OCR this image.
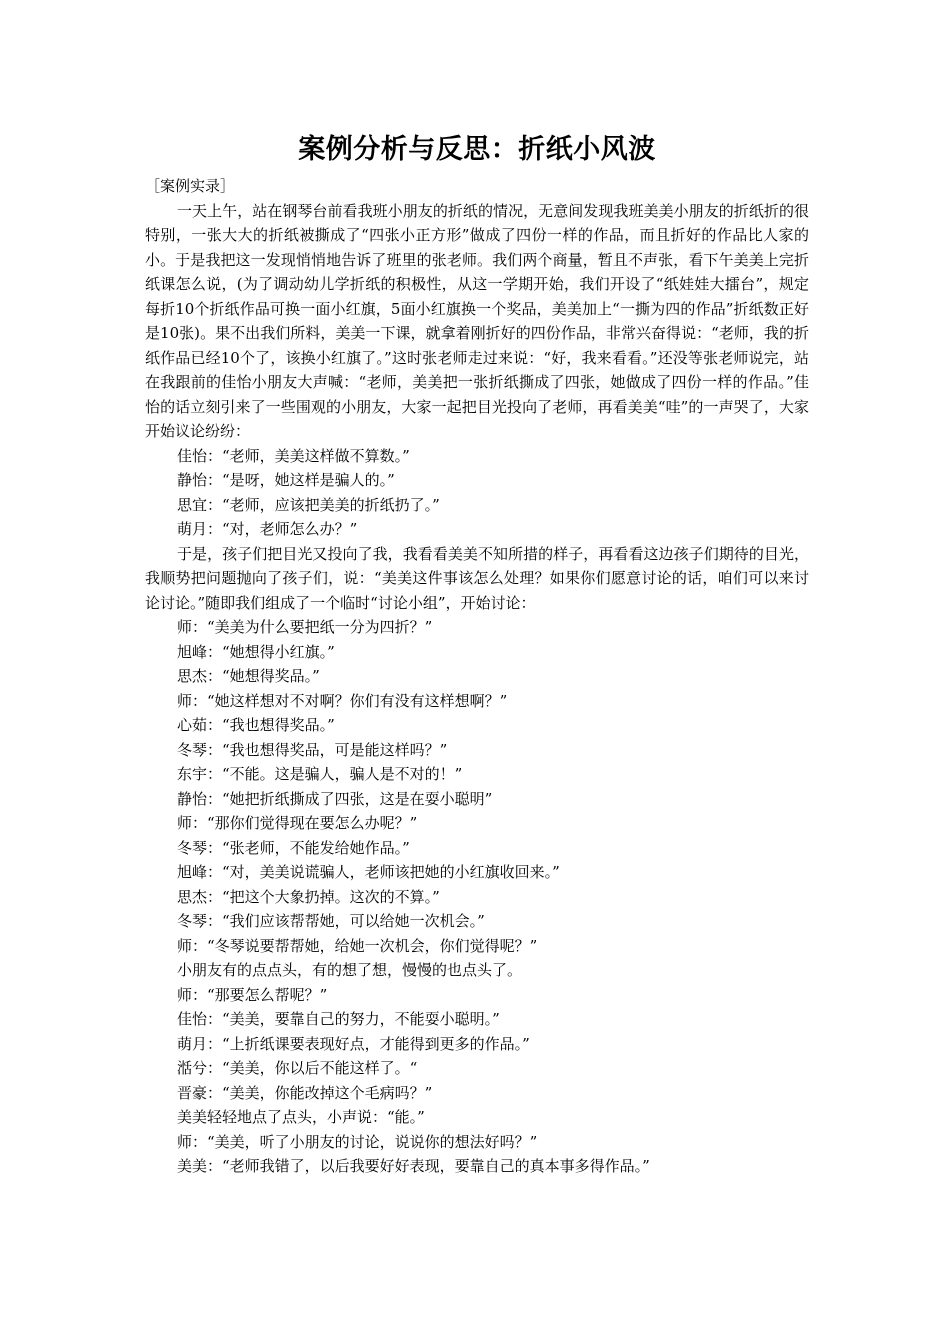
案例分析与反思：折纸小风波

［案例实录］

一天上午，站在钢琴台前看我班小朋友的折纸的情况，无意间发现我班美美小朋友的折纸折的很特别，一张大大的折纸被撕成了“四张小正方形”做成了四份一样的作品，而且折好的作品比人家的小。于是我把这一发现悄悄地告诉了班里的张老师。我们两个商量，暂且不声张，看下午美美上完折纸课怎么说，(为了调动幼儿学折纸的积极性，从这一学期开始，我们开设了“纸娃娃大擂台”，规定每折10个折纸作品可换一面小红旗，5面小红旗换一个奖品，美美加上“一撕为四的作品”折纸数正好是10张)。果不出我们所料，美美一下课，就拿着刚折好的四份作品，非常兴奋得说：“老师，我的折纸作品已经10个了，该换小红旗了。”这时张老师走过来说：“好，我来看看。”还没等张老师说完，站在我跟前的佳怡小朋友大声喊：“老师，美美把一张折纸撕成了四张，她做成了四份一样的作品。”佳怡的话立刻引来了一些围观的小朋友，大家一起把目光投向了老师，再看美美“哇”的一声哭了，大家开始议论纷纷：

佳怡：“老师，美美这样做不算数。”

静怡：“是呀，她这样是骗人的。”

思宜：“老师，应该把美美的折纸扔了。”

萌月：“对，老师怎么办？”

于是，孩子们把目光又投向了我，我看看美美不知所措的样子，再看看这边孩子们期待的目光，我顺势把问题抛向了孩子们，说：“美美这件事该怎么处理？如果你们愿意讨论的话，咱们可以来讨论讨论。”随即我们组成了一个临时“讨论小组”，开始讨论：

师：“美美为什么要把纸一分为四折？”

旭峰：“她想得小红旗。”

思杰：“她想得奖品。”

师：“她这样想对不对啊？你们有没有这样想啊？”

心茹：“我也想得奖品。”

冬琴：“我也想得奖品，可是能这样吗？”

东宇：“不能。这是骗人，骗人是不对的！”

静怡：“她把折纸撕成了四张，这是在耍小聪明”

师：“那你们觉得现在要怎么办呢？”

冬琴：“张老师，不能发给她作品。”

旭峰：“对，美美说谎骗人，老师该把她的小红旗收回来。”

思杰：“把这个大象扔掉。这次的不算。”

冬琴：“我们应该帮帮她，可以给她一次机会。”

师：“冬琴说要帮帮她，给她一次机会，你们觉得呢？”

小朋友有的点点头，有的想了想，慢慢的也点头了。

师：“那要怎么帮呢？”

佳怡：“美美，要靠自己的努力，不能耍小聪明。”

萌月：“上折纸课要表现好点，才能得到更多的作品。”

湉兮：“美美，你以后不能这样了。“

晋豪：“美美，你能改掉这个毛病吗？”

美美轻轻地点了点头，小声说：“能。”

师：“美美，听了小朋友的讨论，说说你的想法好吗？”

美美：“老师我错了，以后我要好好表现，要靠自己的真本事多得作品。”
